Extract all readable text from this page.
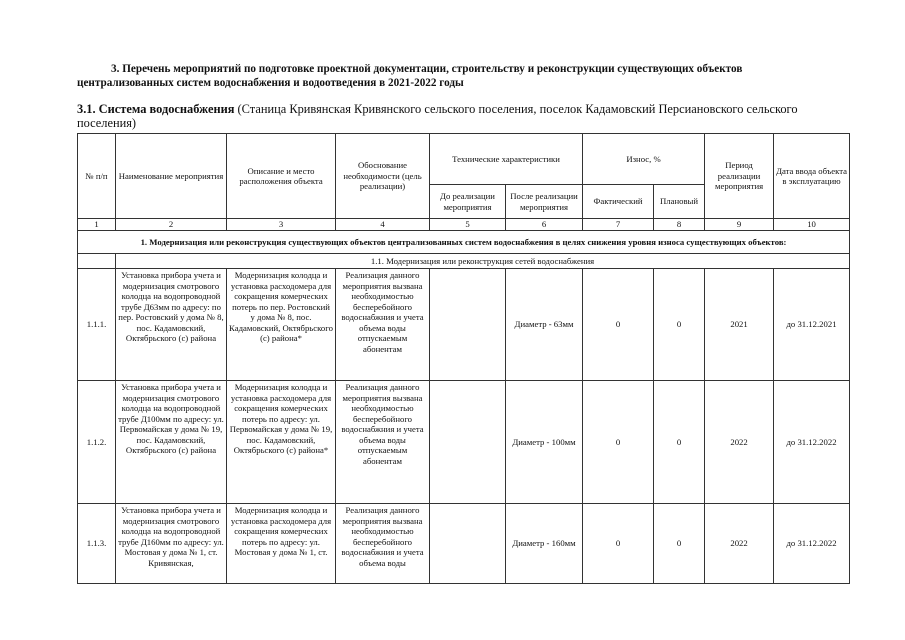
3. Перечень мероприятий по подготовке проектной документации, строительству и реконструкции существующих объектов
централизованных систем водоснабжения и водоотведения в 2021-2022 годы
3.1. Система водоснабжения (Станица Кривянская Кривянского сельского поселения, поселок Кадамовский Персиановского сельского поселения)
№ п/п	Наименование мероприятия	Описание и место расположения объекта	Обоснование необходимости (цель реализации)	Технические характеристики		Износ, %		Период реализации мероприятия	Дата ввода объекта в эксплуатацию
				До реализации мероприятия	После реализации мероприятия	Фактический	Плановый		
1	2	3	4	5	6	7	8	9	10
1. Модернизация или реконструкция существующих объектов централизованных систем водоснабжения в целях снижения уровня износа существующих объектов:									
	1.1. Модернизация или реконструкция сетей водоснабжения								
1.1.1.	Установка прибора учета и модернизация смотрового колодца на водопроводной трубе Д63мм по адресу: по пер. Ростовский у дома № 8, пос. Кадамовский, Октябрьского (с) района	Модернизация колодца и установка расходомера для сокращения комерческих потерь по пер. Ростовский у дома № 8, пос. Кадамовский, Октябрьского (с) района*	Реализация данного мероприятия вызвана необходимостью бесперебойного водоснабжния и учета объема воды отпускаемым абонентам		Диаметр - 63мм	0	0	2021	до 31.12.2021
1.1.2.	Установка прибора учета и модернизация смотрового колодца на водопроводной трубе Д100мм по адресу: ул. Первомайская у дома № 19, пос. Кадамовский, Октябрьского (с) района	Модернизация колодца и установка расходомера для сокращения комерческих потерь по адресу: ул. Первомайская у дома № 19, пос. Кадамовский, Октябрьского (с) района*	Реализация данного мероприятия вызвана необходимостью бесперебойного водоснабжния и учета объема воды отпускаемым абонентам		Диаметр - 100мм	0	0	2022	до 31.12.2022
1.1.3.	Установка прибора учета и модернизация смотрового колодца на водопроводной трубе Д160мм по адресу: ул. Мостовая у дома № 1, ст. Кривянская,	Модернизация колодца и установка расходомера для сокращения комерческих потерь по адресу: ул. Мостовая у дома № 1, ст.	Реализация данного мероприятия вызвана необходимостью бесперебойного водоснабжния и учета объема воды		Диаметр - 160мм	0	0	2022	до 31.12.2022
